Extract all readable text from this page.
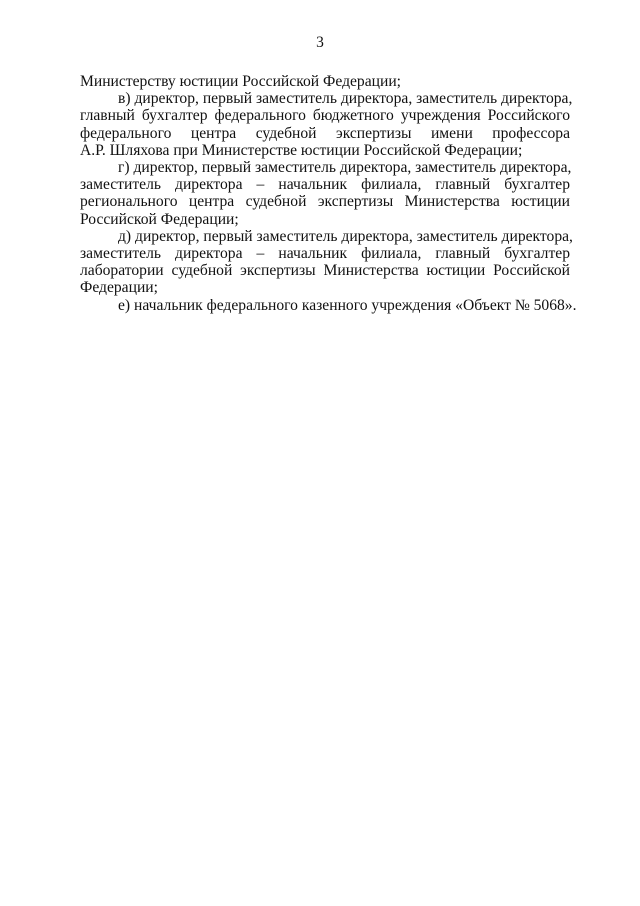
3
Министерству юстиции Российской Федерации;
в) директор, первый заместитель директора, заместитель директора,
главный бухгалтер федерального бюджетного учреждения Российского
федерального центра судебной экспертизы имени профессора
А.Р. Шляхова при Министерстве юстиции Российской Федерации;
г) директор, первый заместитель директора, заместитель директора,
заместитель директора – начальник филиала, главный бухгалтер
регионального центра судебной экспертизы Министерства юстиции
Российской Федерации;
д) директор, первый заместитель директора, заместитель директора,
заместитель директора – начальник филиала, главный бухгалтер
лаборатории судебной экспертизы Министерства юстиции Российской
Федерации;
е) начальник федерального казенного учреждения «Объект № 5068».
